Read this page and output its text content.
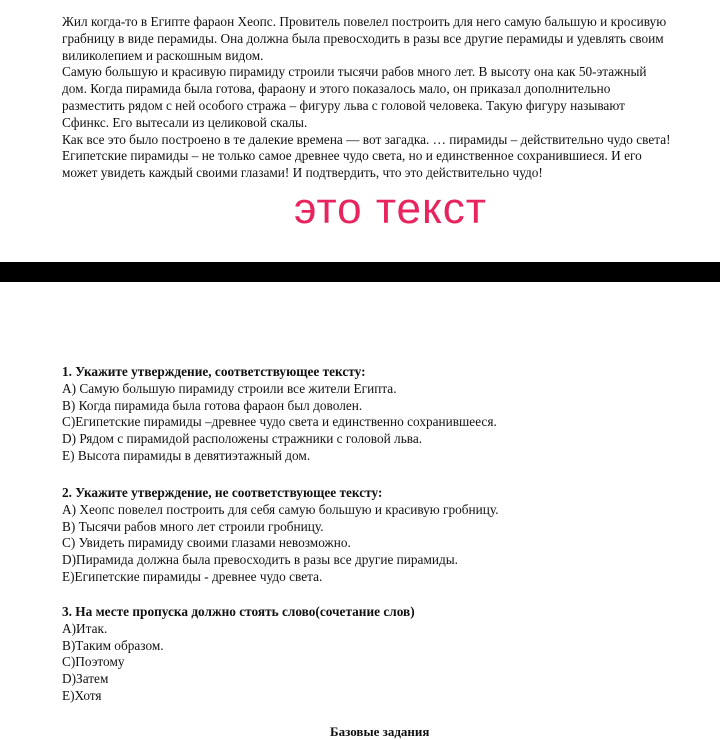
Жил когда-то в Египте фараон Хеопс. Провитель повелел построить для него самую бальшую и кросивую грабницу в виде перамиды. Она должна была превосходить в разы все другие перамиды и удевлять своим виликолепием и раскошным видом.

Самую большую и красивую пирамиду строили тысячи рабов много лет. В высоту она как 50-этажный дом. Когда пирамида была готова, фараону и этого показалось мало, он приказал дополнительно разместить рядом с ней особого стража – фигуру льва с головой человека. Такую фигуру называют Сфинкс. Его вытесали из целиковой скалы.

Как все это было построено в те далекие времена — вот загадка. … пирамиды – действительно чудо света! Египетские пирамиды – не только самое древнее чудо света, но и единственное сохранившиеся. И его может увидеть каждый своими глазами! И подтвердить, что это действительно чудо!

это текст

1. Укажите утверждение, соответствующее тексту:

А) Самую большую пирамиду строили все жители Египта.

В) Когда пирамида была готова фараон был доволен.

С)Египетские пирамиды –древнее чудо света и единственно сохранившееся.

D) Рядом с пирамидой расположены стражники с головой льва.

Е) Высота пирамиды в девятиэтажный дом.

2. Укажите утверждение, не соответствующее тексту:

А) Хеопс повелел построить для себя самую большую и красивую гробницу.

В) Тысячи рабов много лет строили гробницу.

С) Увидеть пирамиду своими глазами невозможно.

D)Пирамида должна была превосходить в разы все другие пирамиды.

Е)Египетские пирамиды - древнее чудо света.

3. На месте пропуска должно стоять слово(сочетание слов)

А)Итак.

В)Таким образом.

С)Поэтому

D)Затем

Е)Хотя

Базовые задания
